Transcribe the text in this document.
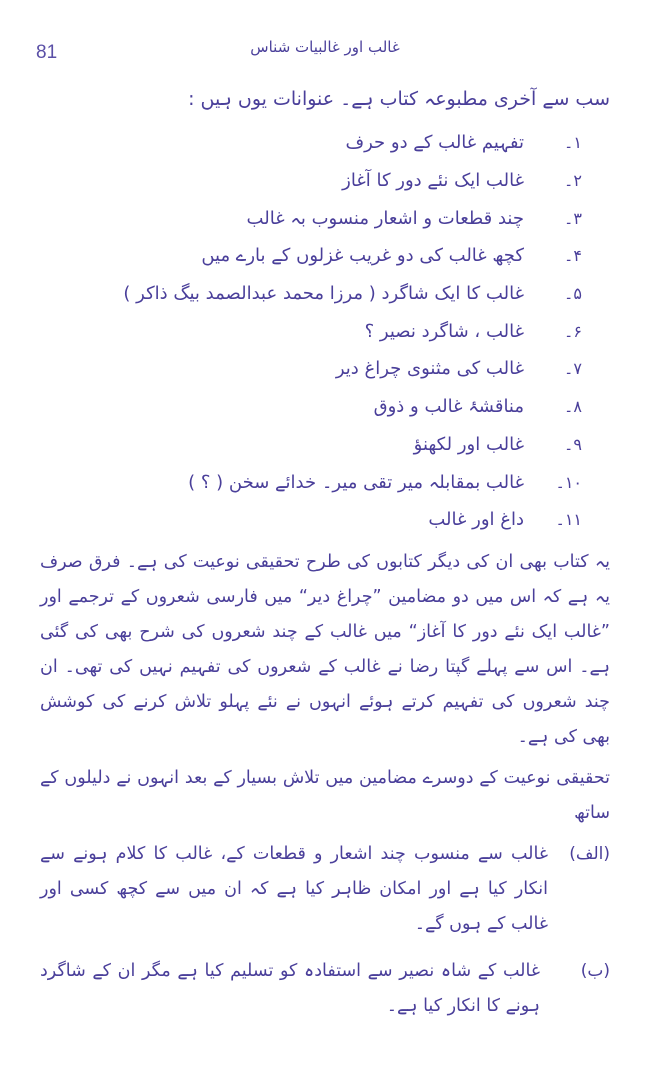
81	غالب اور غالبیات شناس

سب سے آخری مطبوعہ کتاب ہے۔ عنوانات یوں ہیں :

۱۔
تفہیم غالب کے دو حرف
۲۔
غالب ایک نئے دور کا آغاز
۳۔
چند قطعات و اشعار منسوب بہ غالب
۴۔
کچھ غالب کی دو غریب غزلوں کے بارے میں
۵۔
غالب کا ایک شاگرد ( مرزا محمد عبدالصمد بیگ ذاکر )
۶۔
غالب ، شاگرد نصیر ؟
۷۔
غالب کی مثنوی چراغ دیر
۸۔
مناقشۂ غالب و ذوق
۹۔
غالب اور لکھنؤ
۱۰۔
غالب بمقابلہ میر تقی میر۔ خدائے سخن ( ؟ )
۱۱۔
داغ اور غالب

یہ کتاب بھی ان کی دیگر کتابوں کی طرح تحقیقی نوعیت کی ہے۔ فرق صرف یہ ہے کہ اس میں دو مضامین ”چراغ دیر“ میں فارسی شعروں کے ترجمے اور ”غالب ایک نئے دور کا آغاز“ میں غالب کے چند شعروں کی شرح بھی کی گئی ہے۔ اس سے پہلے گپتا رضا نے غالب کے شعروں کی تفہیم نہیں کی تھی۔ ان چند شعروں کی تفہیم کرتے ہوئے انہوں نے نئے پہلو تلاش کرنے کی کوشش بھی کی ہے۔

تحقیقی نوعیت کے دوسرے مضامین میں تلاش بسیار کے بعد انہوں نے دلیلوں کے ساتھ

(الف)
غالب سے منسوب چند اشعار و قطعات کے، غالب کا کلام ہونے سے انکار کیا ہے اور امکان ظاہر کیا ہے کہ ان میں سے کچھ کسی اور غالب کے ہوں گے۔
(ب)
غالب کے شاہ نصیر سے استفادہ کو تسلیم کیا ہے مگر ان کے شاگرد ہونے کا انکار کیا ہے۔
